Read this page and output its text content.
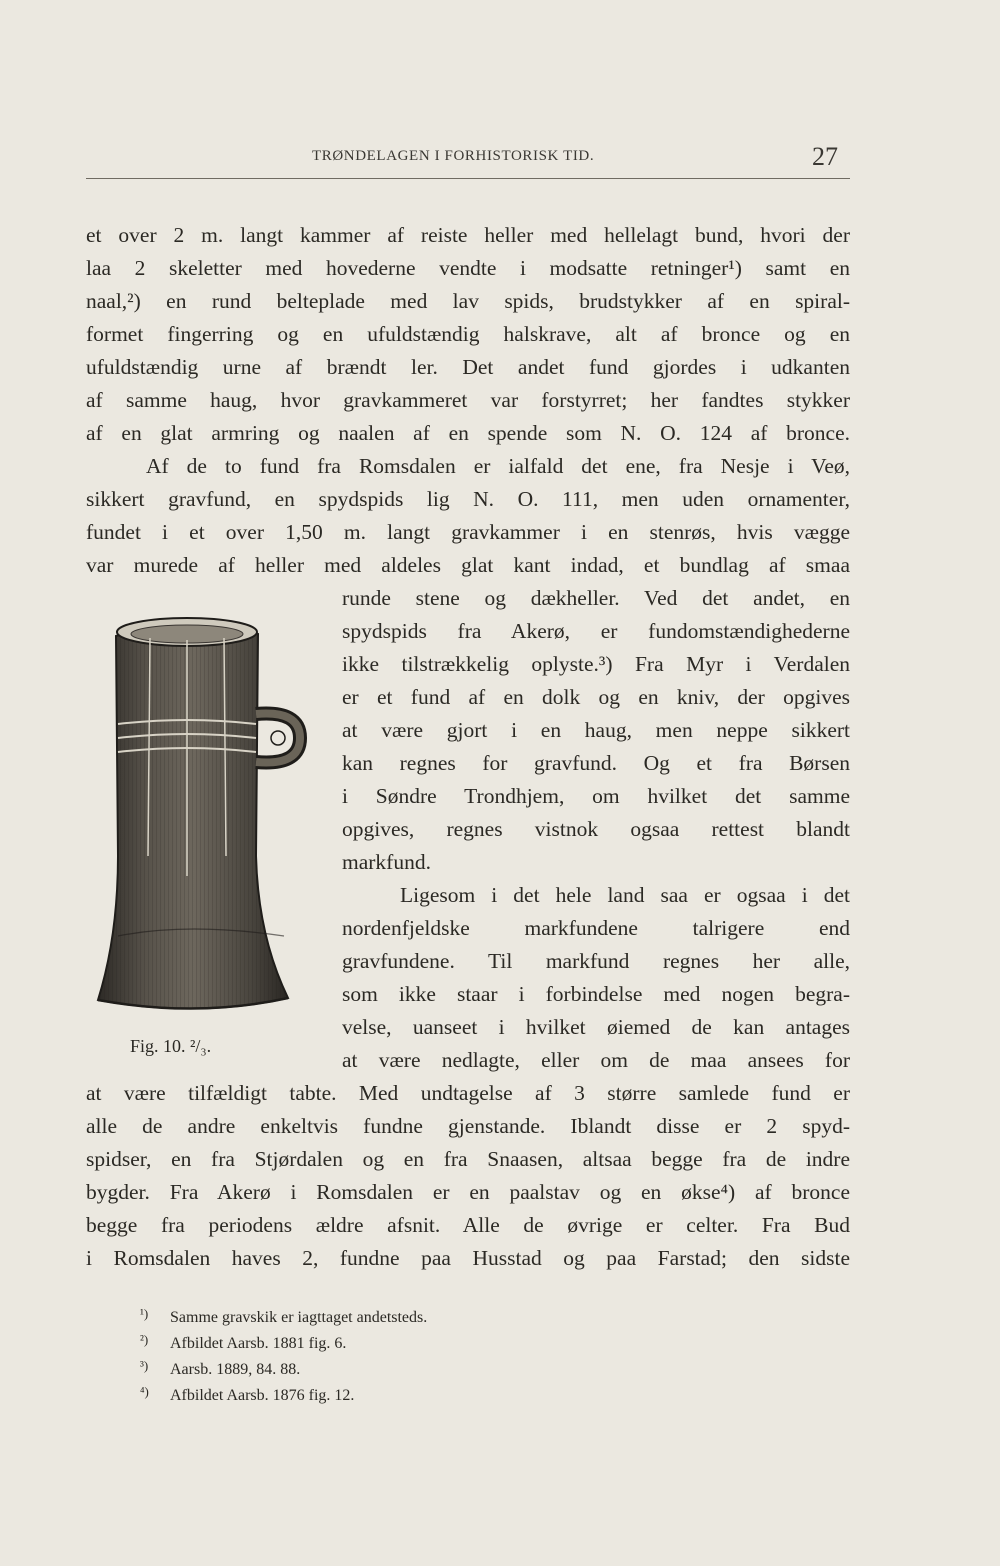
TRØNDELAGEN I FORHISTORISK TID.	27
et over 2 m. langt kammer af reiste heller med hellelagt bund, hvori der
laa 2 skeletter med hovederne vendte i modsatte retninger¹) samt en
naal,²) en rund belteplade med lav spids, brudstykker af en spiral-
formet fingerring og en ufuldstændig halskrave, alt af bronce og en
ufuldstændig urne af brændt ler. Det andet fund gjordes i udkanten
af samme haug, hvor gravkammeret var forstyrret; her fandtes stykker
af en glat armring og naalen af en spende som N. O. 124 af bronce.
Af de to fund fra Romsdalen er ialfald det ene, fra Nesje i Veø,
sikkert gravfund, en spydspids lig N. O. 111, men uden ornamenter,
fundet i et over 1,50 m. langt gravkammer i en stenrøs, hvis vægge
var murede af heller med aldeles glat kant indad, et bundlag af smaa
runde stene og dækheller. Ved det andet, en
spydspids fra Akerø, er fundomstændighederne
ikke tilstrækkelig oplyste.³) Fra Myr i Verdalen
er et fund af en dolk og en kniv, der opgives
at være gjort i en haug, men neppe sikkert
kan regnes for gravfund. Og et fra Børsen
i Søndre Trondhjem, om hvilket det samme
opgives, regnes vistnok ogsaa rettest blandt
markfund.
Ligesom i det hele land saa er ogsaa i det
nordenfjeldske markfundene talrigere end
gravfundene. Til markfund regnes her alle,
som ikke staar i forbindelse med nogen begra-
velse, uanseet i hvilket øiemed de kan antages
at være nedlagte, eller om de maa ansees for
at være tilfældigt tabte. Med undtagelse af 3 større samlede fund er
alle de andre enkeltvis fundne gjenstande. Iblandt disse er 2 spyd-
spidser, en fra Stjørdalen og en fra Snaasen, altsaa begge fra de indre
bygder. Fra Akerø i Romsdalen er en paalstav og en økse⁴) af bronce
begge fra periodens ældre afsnit. Alle de øvrige er celter. Fra Bud
i Romsdalen haves 2, fundne paa Husstad og paa Farstad; den sidste
Fig. 10. ²/₃.
¹) Samme gravskik er iagttaget andetsteds.
²) Afbildet Aarsb. 1881 fig. 6.
³) Aarsb. 1889, 84. 88.
⁴) Afbildet Aarsb. 1876 fig. 12.
